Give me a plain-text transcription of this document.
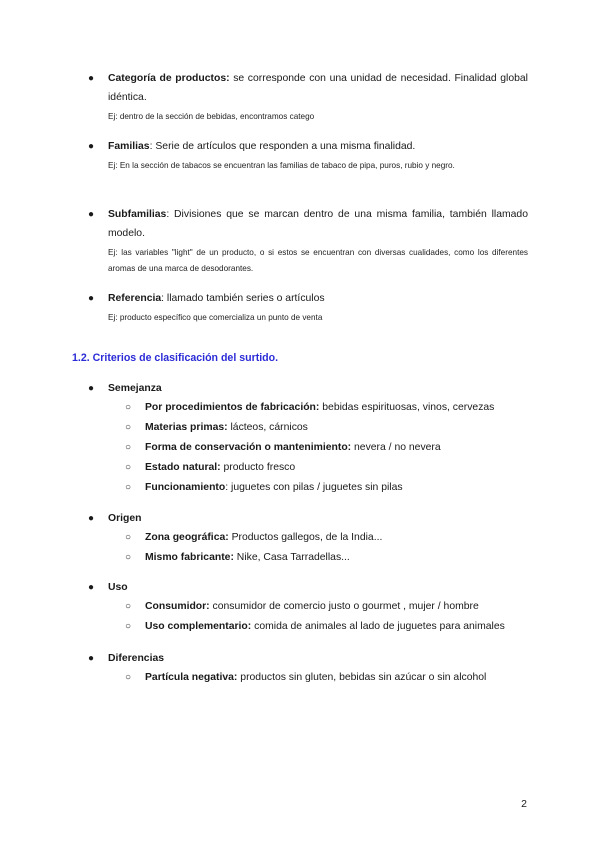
●	Categoría de productos: se corresponde con una unidad de necesidad. Finalidad global idéntica.
Ej: dentro de la sección de bebidas, encontramos catego
●	Familias: Serie de artículos que responden a una misma finalidad.
Ej: En la sección de tabacos se encuentran las familias de tabaco de pipa, puros, rubio y negro.
●	Subfamilias: Divisiones que se marcan dentro de una misma familia, también llamado modelo.
Ej: las variables "light" de un producto, o si estos se encuentran con diversas cualidades, como los diferentes aromas de una marca de desodorantes.
●	Referencia: llamado también series o artículos
Ej: producto específico que comercializa un punto de venta
1.2. Criterios de clasificación del surtido.
●	Semejanza
○ Por procedimientos de fabricación: bebidas espirituosas, vinos, cervezas
○ Materias primas: lácteos, cárnicos
○ Forma de conservación o mantenimiento: nevera / no nevera
○ Estado natural: producto fresco
○ Funcionamiento: juguetes con pilas / juguetes sin pilas
●	Origen
○ Zona geográfica: Productos gallegos, de la India...
○ Mismo fabricante: Nike, Casa Tarradellas...
●	Uso
○ Consumidor: consumidor de comercio justo o gourmet , mujer / hombre
○ Uso complementario: comida de animales al lado de juguetes para animales
●	Diferencias
○ Partícula negativa: productos sin gluten, bebidas sin azúcar o sin alcohol
2
